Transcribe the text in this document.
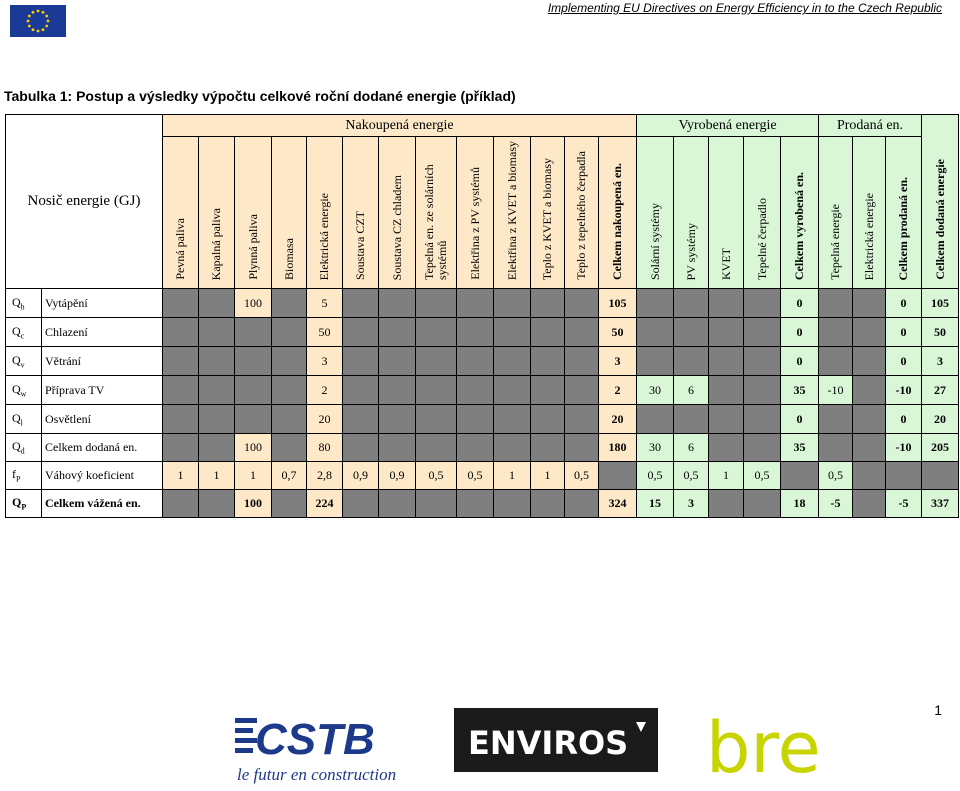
Implementing EU Directives on Energy Efficiency in to the Czech Republic
Tabulka 1: Postup a výsledky výpočtu celkové roční dodané energie (příklad)
Nosič energie (GJ)		Nakoupená energie													Vyrobená energie					Prodaná en.			Celkem dodaná energie
		Pevná paliva	Kapalná paliva	Plynná paliva	Biomasa	Elektrická energie	Soustava CZT	Soustava CZ chladem	Tepelná en. ze solárních systémů	Elektřina z PV systémů	Elektřina z KVET a biomasy	Teplo z KVET a biomasy	Teplo z tepelného čerpadla	Celkem nakoupená en.	Solární systémy	PV systémy	KVET	Tepelné čerpadlo	Celkem vyrobená en.	Tepelná energie	Elektrická energie	Celkem prodaná en.	
$Q_h$	Vytápění			100		5								105					0			0	105
$Q_c$	Chlazení					50								50					0			0	50
$Q_v$	Větrání					3								3					0			0	3
$Q_w$	Příprava TV					2								2	30	6			35	-10		-10	27
$Q_l$	Osvětlení					20								20					0			0	20
$Q_d$	Celkem dodaná en.			100		80								180	30	6			35			-10	205
$f_P$	Váhový koeficient	1	1	1	0,7	2,8	0,9	0,9	0,5	0,5	1	1	0,5		0,5	0,5	1	0,5		0,5			
$Q_P$	Celkem vážená en.			100		224								324	15	3			18	-5		-5	337
1
CSTB
le futur en construction
ENVIROS bre
